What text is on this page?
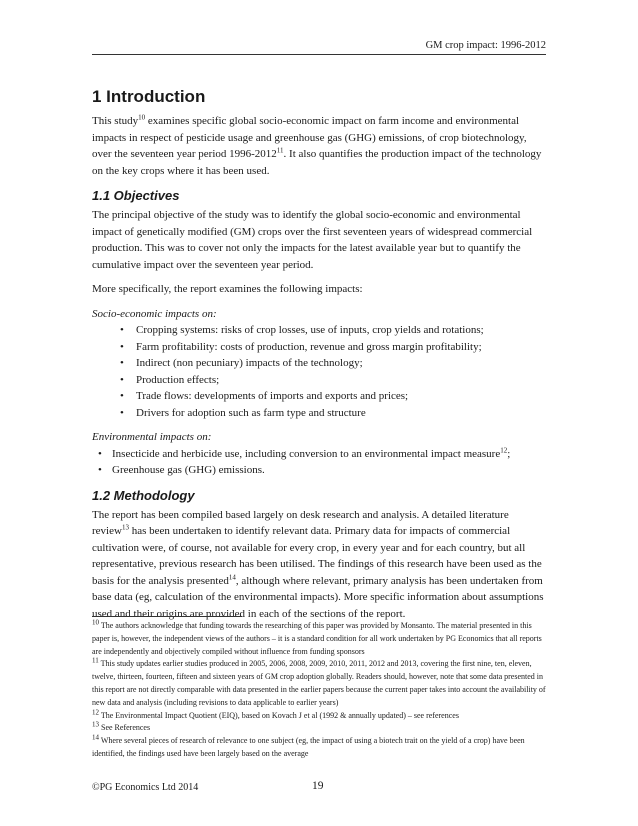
GM crop impact: 1996-2012
1 Introduction

This study$^{10}$ examines specific global socio-economic impact on farm income and environmental impacts in respect of pesticide usage and greenhouse gas (GHG) emissions, of crop biotechnology, over the seventeen year period 1996-2012$^{11}$. It also quantifies the production impact of the technology on the key crops where it has been used.

1.1 Objectives

The principal objective of the study was to identify the global socio-economic and environmental impact of genetically modified (GM) crops over the first seventeen years of widespread commercial production. This was to cover not only the impacts for the latest available year but to quantify the cumulative impact over the seventeen year period.

More specifically, the report examines the following impacts:

Socio-economic impacts on:

• Cropping systems: risks of crop losses, use of inputs, crop yields and rotations;
• Farm profitability: costs of production, revenue and gross margin profitability;
• Indirect (non pecuniary) impacts of the technology;
• Production effects;
• Trade flows: developments of imports and exports and prices;
• Drivers for adoption such as farm type and structure

Environmental impacts on:

• Insecticide and herbicide use, including conversion to an environmental impact measure$^{12}$;
• Greenhouse gas (GHG) emissions.
1.2 Methodology

The report has been compiled based largely on desk research and analysis. A detailed literature review$^{13}$ has been undertaken to identify relevant data. Primary data for impacts of commercial cultivation were, of course, not available for every crop, in every year and for each country, but all representative, previous research has been utilised. The findings of this research have been used as the basis for the analysis presented$^{14}$, although where relevant, primary analysis has been undertaken from base data (eg, calculation of the environmental impacts). More specific information about assumptions used and their origins are provided in each of the sections of the report.

$^{10}$ The authors acknowledge that funding towards the researching of this paper was provided by Monsanto. The material presented in this paper is, however, the independent views of the authors – it is a standard condition for all work undertaken by PG Economics that all reports are independently and objectively compiled without influence from funding sponsors

$^{11}$ This study updates earlier studies produced in 2005, 2006, 2008, 2009, 2010, 2011, 2012 and 2013, covering the first nine, ten, eleven, twelve, thirteen, fourteen, fifteen and sixteen years of GM crop adoption globally. Readers should, however, note that some data presented in this report are not directly comparable with data presented in the earlier papers because the current paper takes into account the availability of new data and analysis (including revisions to data applicable to earlier years)

$^{12}$ The Environmental Impact Quotient (EIQ), based on Kovach J et al (1992 & annually updated) – see references

$^{13}$ See References

$^{14}$ Where several pieces of research of relevance to one subject (eg, the impact of using a biotech trait on the yield of a crop) have been identified, the findings used have been largely based on the average

©PG Economics Ltd 2014	19
